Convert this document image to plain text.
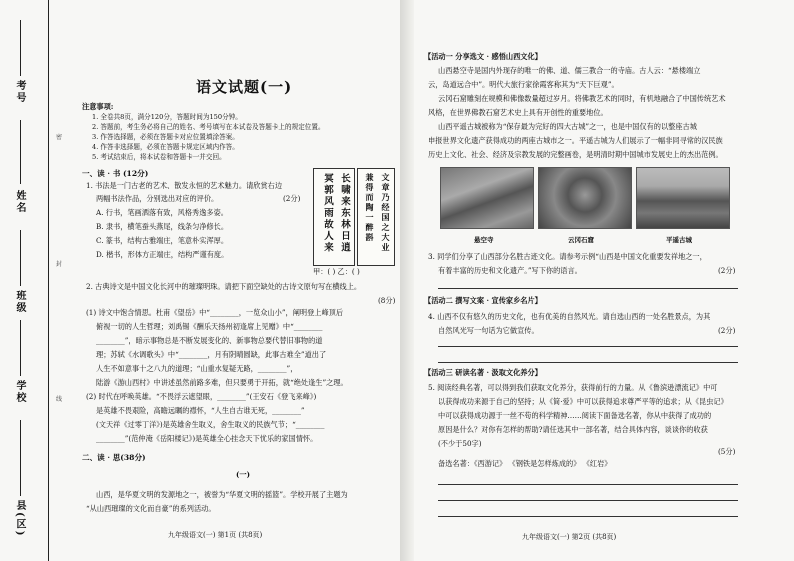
考号
姓名
班级
学校
县(区)
密
封
线
语文试题(一)
注意事项:
1. 全卷共8页，满分120分，答题时间为150分钟。
2. 答题前，考生务必将自己的姓名、考号填写在本试卷及答题卡上的规定位置。
3. 作答选择题，必须在答题卡对应位置填涂答案。
4. 作答非选择题，必须在答题卡规定区域内作答。
5. 考试结束后，将本试卷和答题卡一并交回。
一、读 · 书 (12分)
1. 书法是一门古老的艺术、散发永恒的艺术魅力。请欣赏右边
两幅书法作品，分别选出对应的评价。	(2分)
A. 行书，笔画洒落有致，风格秀逸多姿。
B. 隶书，横笔蚕头燕尾，线条匀净修长。
C. 篆书，结构古雅端庄，笔意朴实浑厚。
D. 楷书，形体方正端庄，结构严谨有度。
长啸来东林日逍
冥郭风雨故人来
文章乃经国之大业
兼得而陶一醉斟
甲：( ) 乙：( )
2. 古典诗文是中国文化长河中的璀璨明珠。请把下面空缺处的古诗文原句写在横线上。
(8分)
(1) 诗文中饱含情思。杜甫《望岳》中“________，一览众山小”，阐明登上峰顶后
俯视一切的人生哲理；刘禹锡《酬乐天扬州初逢席上见赠》中“________
________”，暗示事物总是不断发展变化的、新事物总要代替旧事物的道
理；苏轼《水调歌头》中“________，月有阴晴圆缺，此事古难全”道出了
人生不如意事十之八九的道理；“山重水复疑无路，________”，
陆游《游山西村》中讲述虽然前路多难，但只要勇于开拓，就“绝处逢生”之理。
(2) 时代在呼唤英雄。“不畏浮云遮望眼，________”(王安石《登飞来峰》)
是英雄不畏艰险，高瞻远瞩的襟怀，“人生自古谁无死，________”
(文天祥《过零丁洋》)是英雄舍生取义，舍生取义的民族气节；“________
________”(范仲淹《岳阳楼记》)是英雄全心挂念天下忧乐的家国情怀。
二、读 · 思(38分)
(一)
山西，是华夏文明的发源地之一，被誉为“华夏文明的摇篮”。学校开展了主题为
“从山西璀璨的文化而自豪”的系列活动。
九年级语文(一) 第1页 (共8页)
【活动一 分享选文 · 感悟山西文化】
山西悬空寺是国内外现存的唯一的佛、道、儒三教合一的寺庙。古人云：“悬楼端立
云，岛道远合中”。明代大旅行家徐霞客称其为“天下巨观”。
云冈石窟雕刻在规模和佛像数量超过岁月。将佛教艺术的同时，有机地融合了中国传统艺术
风格，在世界佛教石窟艺术史上具有开创性的重要地位。
山西平遥古城被称为“保存最为完好的四大古城”之一，也是中国仅有的以整座古城
申报世界文化遗产获得成功的两座古城市之一。平遥古城为人们展示了一幅非同寻常的汉民族
历史上文化、社会、经济及宗教发展的完整画卷，是明清时期中国城市发展史上的杰出范例。
悬空寺	云冈石窟	平遥古城
3. 同学们分享了山西部分名胜古迹文化。请参考示例“山西是中国文化重要发祥地之一，
有着丰富的历史和文化遗产。”写下你的语言。	(2分)
【活动二 撰写文案 · 宣传家乡名片】
4. 山西不仅有悠久的历史文化，也有优美的自然风光。请自选山西的一处名胜景点，为其
自然风光写一句话为它做宣传。	(2分)
【活动三 研读名著 · 汲取文化养分】
5. 阅读经典名著，可以得到我们获取文化养分，获得前行的力量。从《鲁滨逊漂流记》中可
以获得成功来源于自己的坚持；从《简·爱》中可以获得追求尊严平等的追求；从《昆虫记》
中可以获得成功源于一丝不苟的科学精神……阅读下面备选名著，你从中获得了成功的
原因是什么？对你有怎样的帮助?请任选其中一部名著，结合具体内容，谈谈你的收获
(不少于50字)
(5分)
备选名著：《西游记》 《钢铁是怎样炼成的》 《红岩》
九年级语文(一) 第2页 (共8页)
